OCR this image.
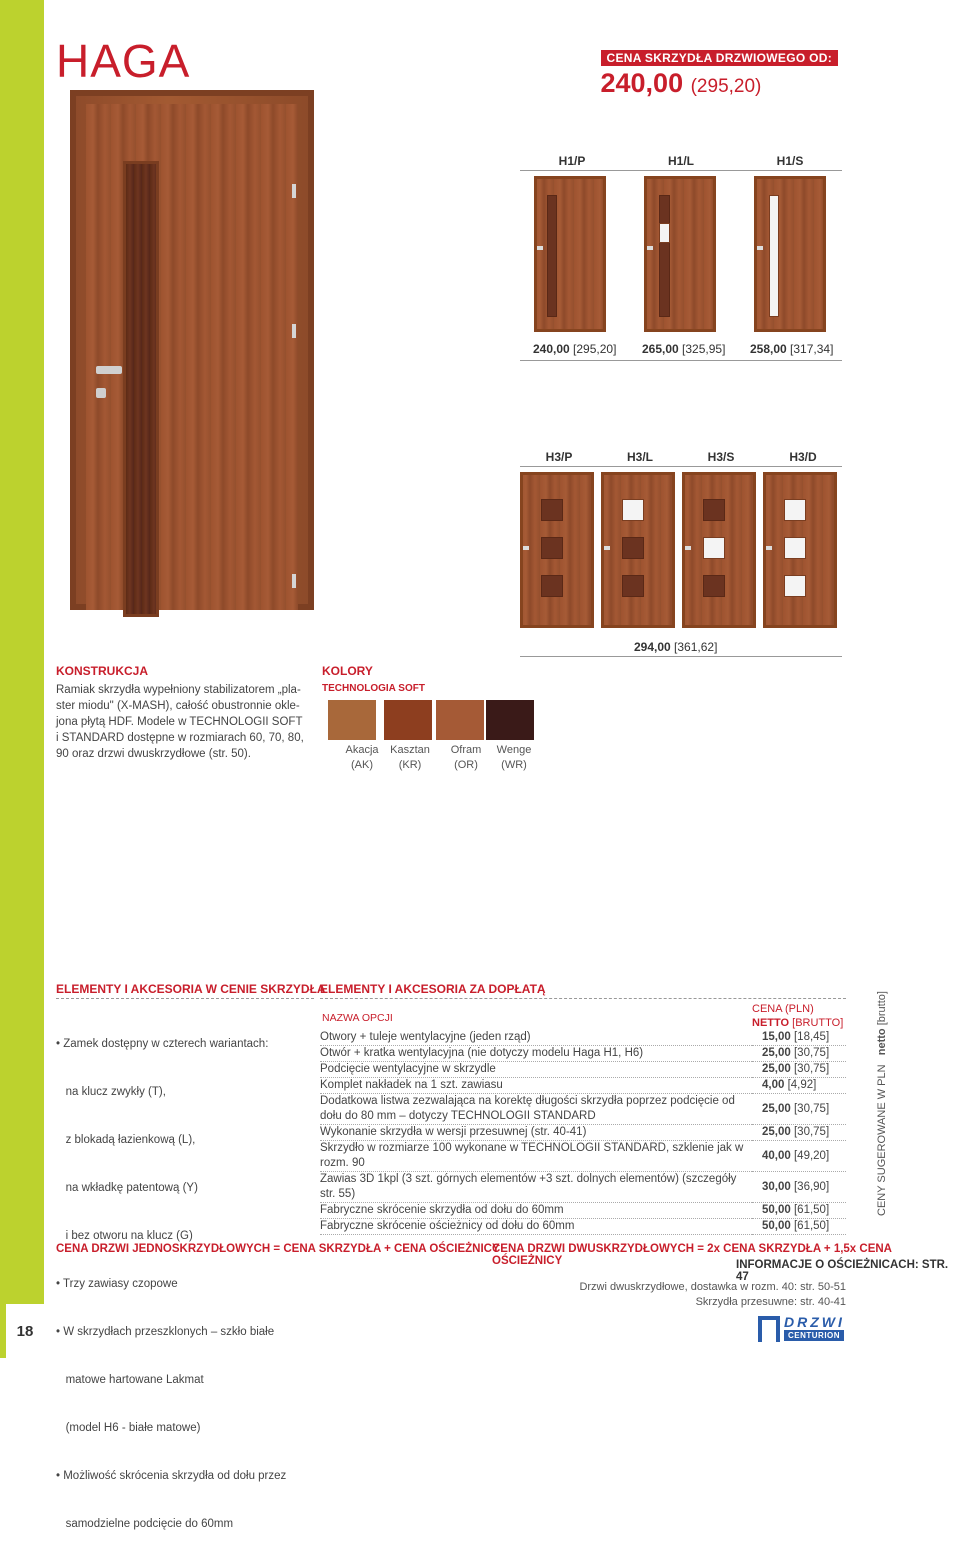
18
HAGA	CENA SKRZYDŁA DRZWIOWEGO OD:
240,00 (295,20)
H1/P	H1/L	H1/S
240,00 [295,20] 265,00 [325,95] 258,00 [317,34]
H3/P	H3/L	H3/S	H3/D
294,00 [361,62]
KONSTRUKCJA
Ramiak skrzydła wypełniony stabilizatorem „pla-
ster miodu" (X-MASH), całość obustronnie okle-
jona płytą HDF. Modele w TECHNOLOGII SOFT
i STANDARD dostępne w rozmiarach 60, 70, 80,
90 oraz drzwi dwuskrzydłowe (str. 50).
KOLORY
TECHNOLOGIA SOFT
Akacja
(AK)
Kasztan
(KR)
Ofram
(OR)
Wenge
(WR)
ELEMENTY I AKCESORIA W CENIE SKRZYDŁA

• Zamek dostępny w czterech wariantach:

na klucz zwykły (T),

z blokadą łazienkową (L),

na wkładkę patentową (Y)

i bez otworu na klucz (G)

• Trzy zawiasy czopowe

• W skrzydłach przeszklonych – szkło białe

matowe hartowane Lakmat

(model H6 - białe matowe)

• Możliwość skrócenia skrzydła od dołu przez

samodzielne podcięcie do 60mm

ELEMENTY I AKCESORIA ZA DOPŁATĄ
NAZWA OPCJI
CENA (PLN)
NETTO [BRUTTO]
Otwory + tuleje wentylacyjne (jeden rząd)	15,00 [18,45]
Otwór + kratka wentylacyjna (nie dotyczy modelu Haga H1, H6)	25,00 [30,75]
Podcięcie wentylacyjne w skrzydle	25,00 [30,75]
Komplet nakładek na 1 szt. zawiasu	4,00 [4,92]
Dodatkowa listwa zezwalająca na korektę długości skrzydła poprzez podcięcie od dołu do 80 mm – dotyczy TECHNOLOGII STANDARD	25,00 [30,75]
Wykonanie skrzydła w wersji przesuwnej (str. 40-41)	25,00 [30,75]
Skrzydło w rozmiarze 100 wykonane w TECHNOLOGII STANDARD, szklenie jak w rozm. 90	40,00 [49,20]
Zawias 3D 1kpl (3 szt. górnych elementów +3 szt. dolnych elementów) (szczegóły str. 55)	30,00 [36,90]
Fabryczne skrócenie skrzydła od dołu do 60mm	50,00 [61,50]
Fabryczne skrócenie ościeżnicy od dołu do 60mm	50,00 [61,50]
CENY SUGEROWANE W PLN   netto [brutto]
CENA DRZWI JEDNOSKRZYDŁOWYCH = CENA SKRZYDŁA + CENA OŚCIEŻNICY
CENA DRZWI DWUSKRZYDŁOWYCH = 2x CENA SKRZYDŁA + 1,5x CENA OŚCIEŻNICY	INFORMACJE O OŚCIEŻNICACH: STR. 47
Drzwi dwuskrzydłowe, dostawka w rozm. 40: str. 50-51
Skrzydła przesuwne: str. 40-41
DRZWI
CENTURION
